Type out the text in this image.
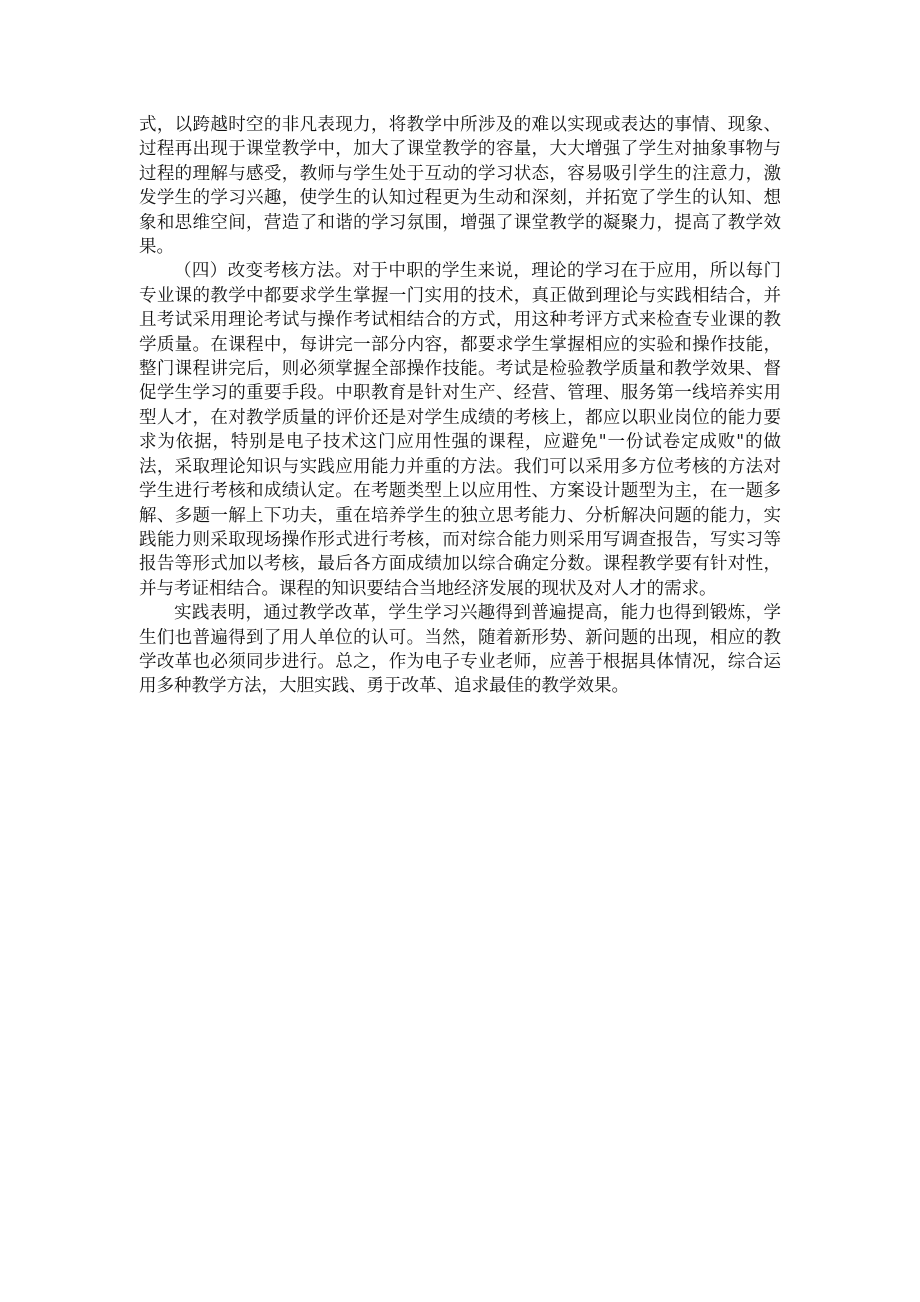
式，以跨越时空的非凡表现力，将教学中所涉及的难以实现或表达的事情、现象、过程再出现于课堂教学中，加大了课堂教学的容量，大大增强了学生对抽象事物与过程的理解与感受，教师与学生处于互动的学习状态，容易吸引学生的注意力，激发学生的学习兴趣，使学生的认知过程更为生动和深刻，并拓宽了学生的认知、想象和思维空间，营造了和谐的学习氛围，增强了课堂教学的凝聚力，提高了教学效果。

（四）改变考核方法。对于中职的学生来说，理论的学习在于应用，所以每门专业课的教学中都要求学生掌握一门实用的技术，真正做到理论与实践相结合，并且考试采用理论考试与操作考试相结合的方式，用这种考评方式来检查专业课的教学质量。在课程中，每讲完一部分内容，都要求学生掌握相应的实验和操作技能，整门课程讲完后，则必须掌握全部操作技能。考试是检验教学质量和教学效果、督促学生学习的重要手段。中职教育是针对生产、经营、管理、服务第一线培养实用型人才，在对教学质量的评价还是对学生成绩的考核上，都应以职业岗位的能力要求为依据，特别是电子技术这门应用性强的课程，应避免"一份试卷定成败"的做法，采取理论知识与实践应用能力并重的方法。我们可以采用多方位考核的方法对学生进行考核和成绩认定。在考题类型上以应用性、方案设计题型为主，在一题多解、多题一解上下功夫，重在培养学生的独立思考能力、分析解决问题的能力，实践能力则采取现场操作形式进行考核，而对综合能力则采用写调查报告，写实习等报告等形式加以考核，最后各方面成绩加以综合确定分数。课程教学要有针对性，并与考证相结合。课程的知识要结合当地经济发展的现状及对人才的需求。

实践表明，通过教学改革，学生学习兴趣得到普遍提高，能力也得到锻炼，学生们也普遍得到了用人单位的认可。当然，随着新形势、新问题的出现，相应的教学改革也必须同步进行。总之，作为电子专业老师，应善于根据具体情况，综合运用多种教学方法，大胆实践、勇于改革、追求最佳的教学效果。
